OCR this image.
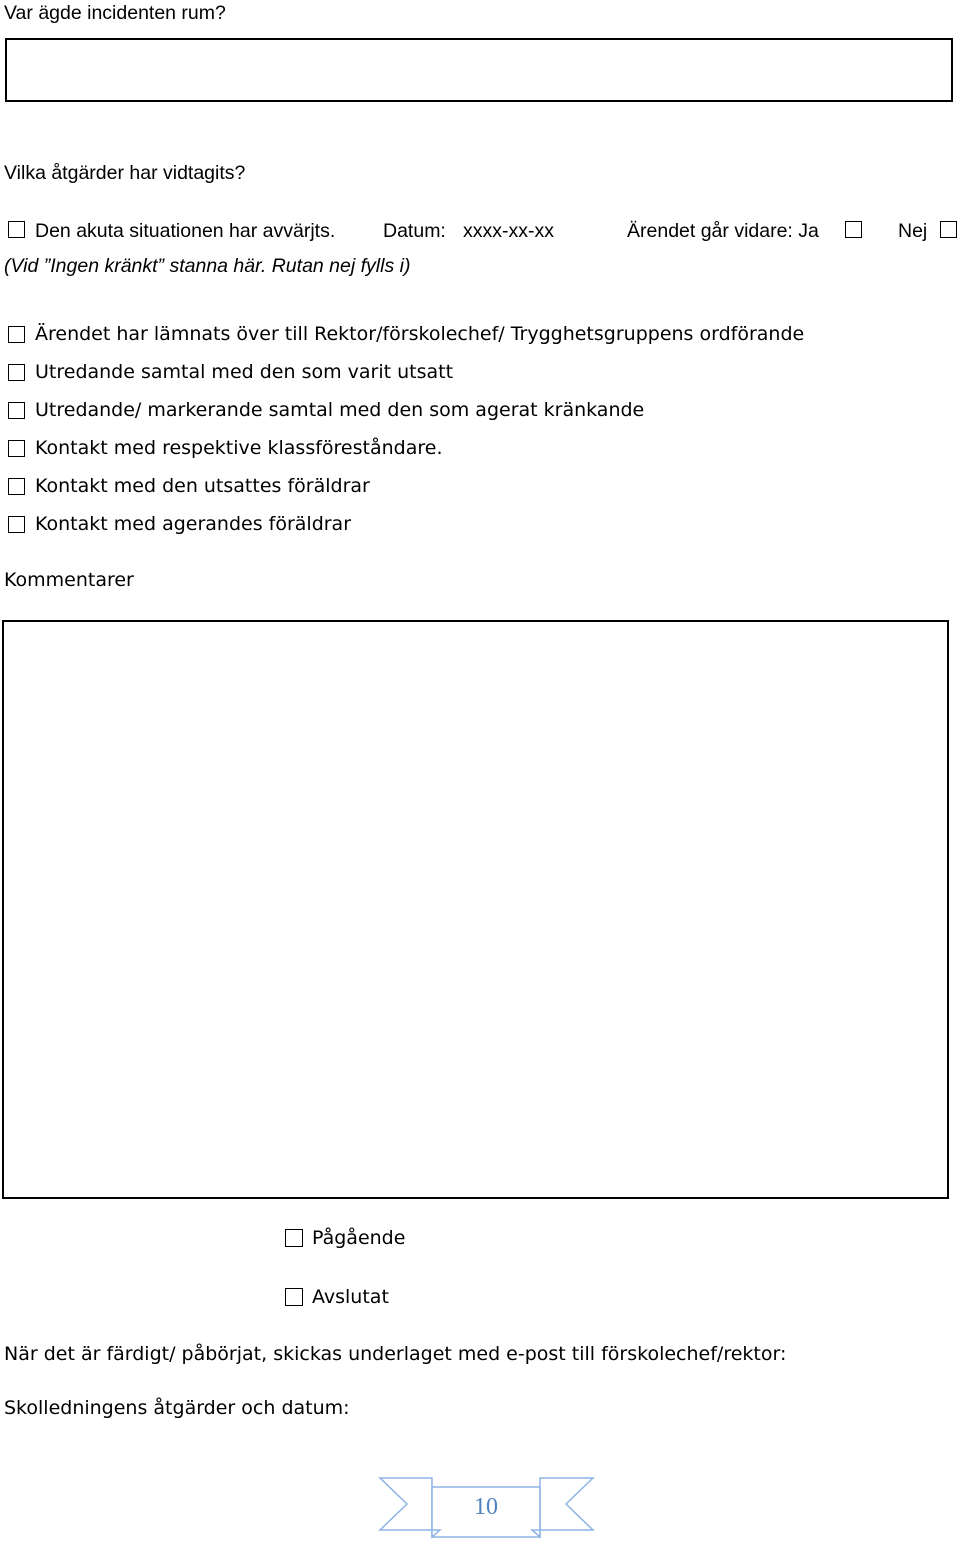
Var ägde incidenten rum?
Vilka åtgärder har vidtagits?
Den akuta situationen har avvärjts. Datum: xxxx-xx-xx	Ärendet går vidare: Ja	Nej
(Vid ”Ingen kränkt” stanna här. Rutan nej fylls i)
Ärendet har lämnats över till Rektor/förskolechef/ Trygghetsgruppens ordförande
Utredande samtal med den som varit utsatt
Utredande/ markerande samtal med den som agerat kränkande
Kontakt med respektive klassföreståndare.
Kontakt med den utsattes föräldrar
Kontakt med agerandes föräldrar
Kommentarer
Pågående
Avslutat
När det är färdigt/ påbörjat, skickas underlaget med e-post till förskolechef/rektor:
Skolledningens åtgärder och datum:
10
